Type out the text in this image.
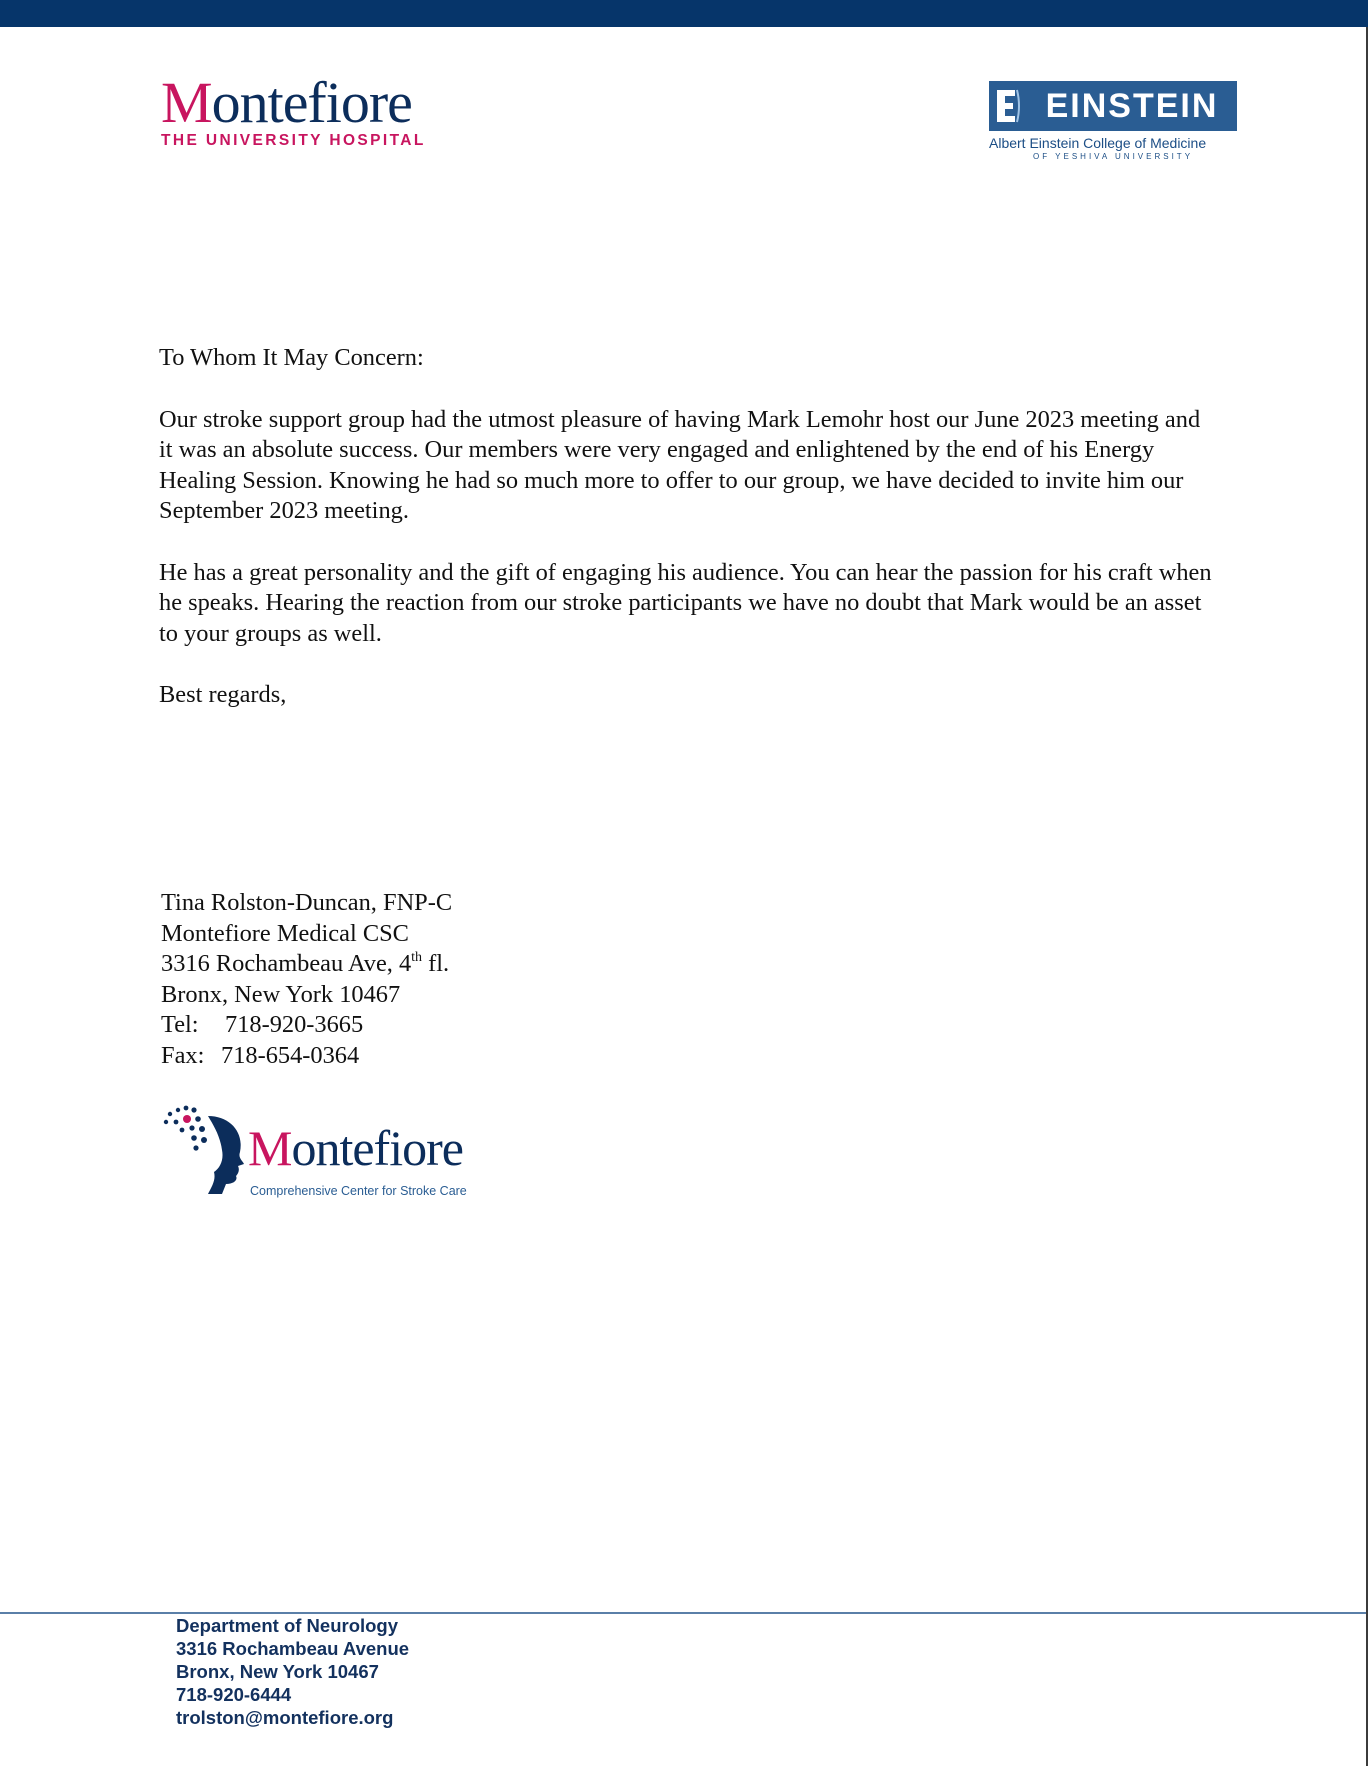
Montefiore
THE UNIVERSITY HOSPITAL
EINSTEIN
Albert Einstein College of Medicine
OF YESHIVA UNIVERSITY
To Whom It May Concern:

Our stroke support group had the utmost pleasure of having Mark Lemohr host our June 2023 meeting and it was an absolute success. Our members were very engaged and enlightened by the end of his Energy Healing Session. Knowing he had so much more to offer to our group, we have decided to invite him our September 2023 meeting.

He has a great personality and the gift of engaging his audience. You can hear the passion for his craft when he speaks. Hearing the reaction from our stroke participants we have no doubt that Mark would be an asset to your groups as well.

Best regards,
Tina Rolston-Duncan, FNP-C
Montefiore Medical CSC
3316 Rochambeau Ave, 4th fl.
Bronx, New York 10467
Tel: 718-920-3665
Fax: 718-654-0364
Montefiore
Comprehensive Center for Stroke Care
Department of Neurology
3316 Rochambeau Avenue
Bronx, New York 10467
718-920-6444
trolston@montefiore.org
